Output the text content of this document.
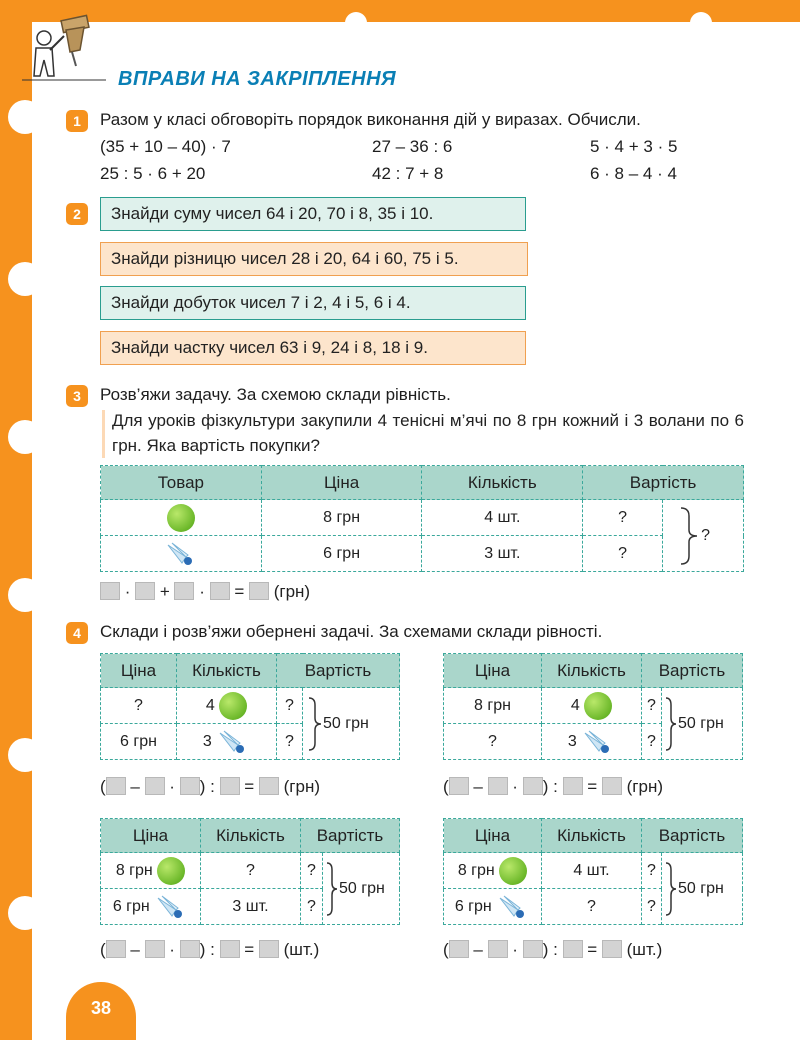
ВПРАВИ НА ЗАКРІПЛЕННЯ
1	Разом у класі обговоріть порядок виконання дій у виразах. Обчисли.
(35 + 10 – 40) · 7	27 – 36 : 6	5 · 4 + 3 · 5
25 : 5 · 6 + 20	42 : 7 + 8	6 · 8 – 4 · 4
2	Знайди суму чисел 64 і 20, 70 і 8, 35 і 10.
Знайди різницю чисел 28 і 20, 64 і 60, 75 і 5.
Знайди добуток чисел 7 і 2, 4 і 5, 6 і 4.
Знайди частку чисел 63 і 9, 24 і 8, 18 і 9.
3	Розв’яжи задачу. За схемою склади рівність.
Для уроків фізкультури закупили 4 тенісні м’ячі по 8 грн кожний і 3 волани по 6 грн. Яка вартість покупки?
Товар	Ціна	Кількість	Вартість	
	8 грн	4 шт.	?	?
	6 грн	3 шт.	?	
·  +  ·  =  (грн)
4	Склади і розв’яжи обернені задачі. За схемами склади рівності.
Ціна	Кількість	Вартість	
?	4	?	50 грн
6 грн	3	?	
( –  · ) :  =  (грн)
Ціна	Кількість	Вартість	
8 грн	4	?	50 грн
?	3	?	
( –  · ) :  =  (грн)
Ціна	Кількість	Вартість	
8 грн	?	?	50 грн
6 грн	3 шт.	?	
( –  · ) :  =  (шт.)
Ціна	Кількість	Вартість	
8 грн	4 шт.	?	50 грн
6 грн	?	?	
( –  · ) :  =  (шт.)
38
